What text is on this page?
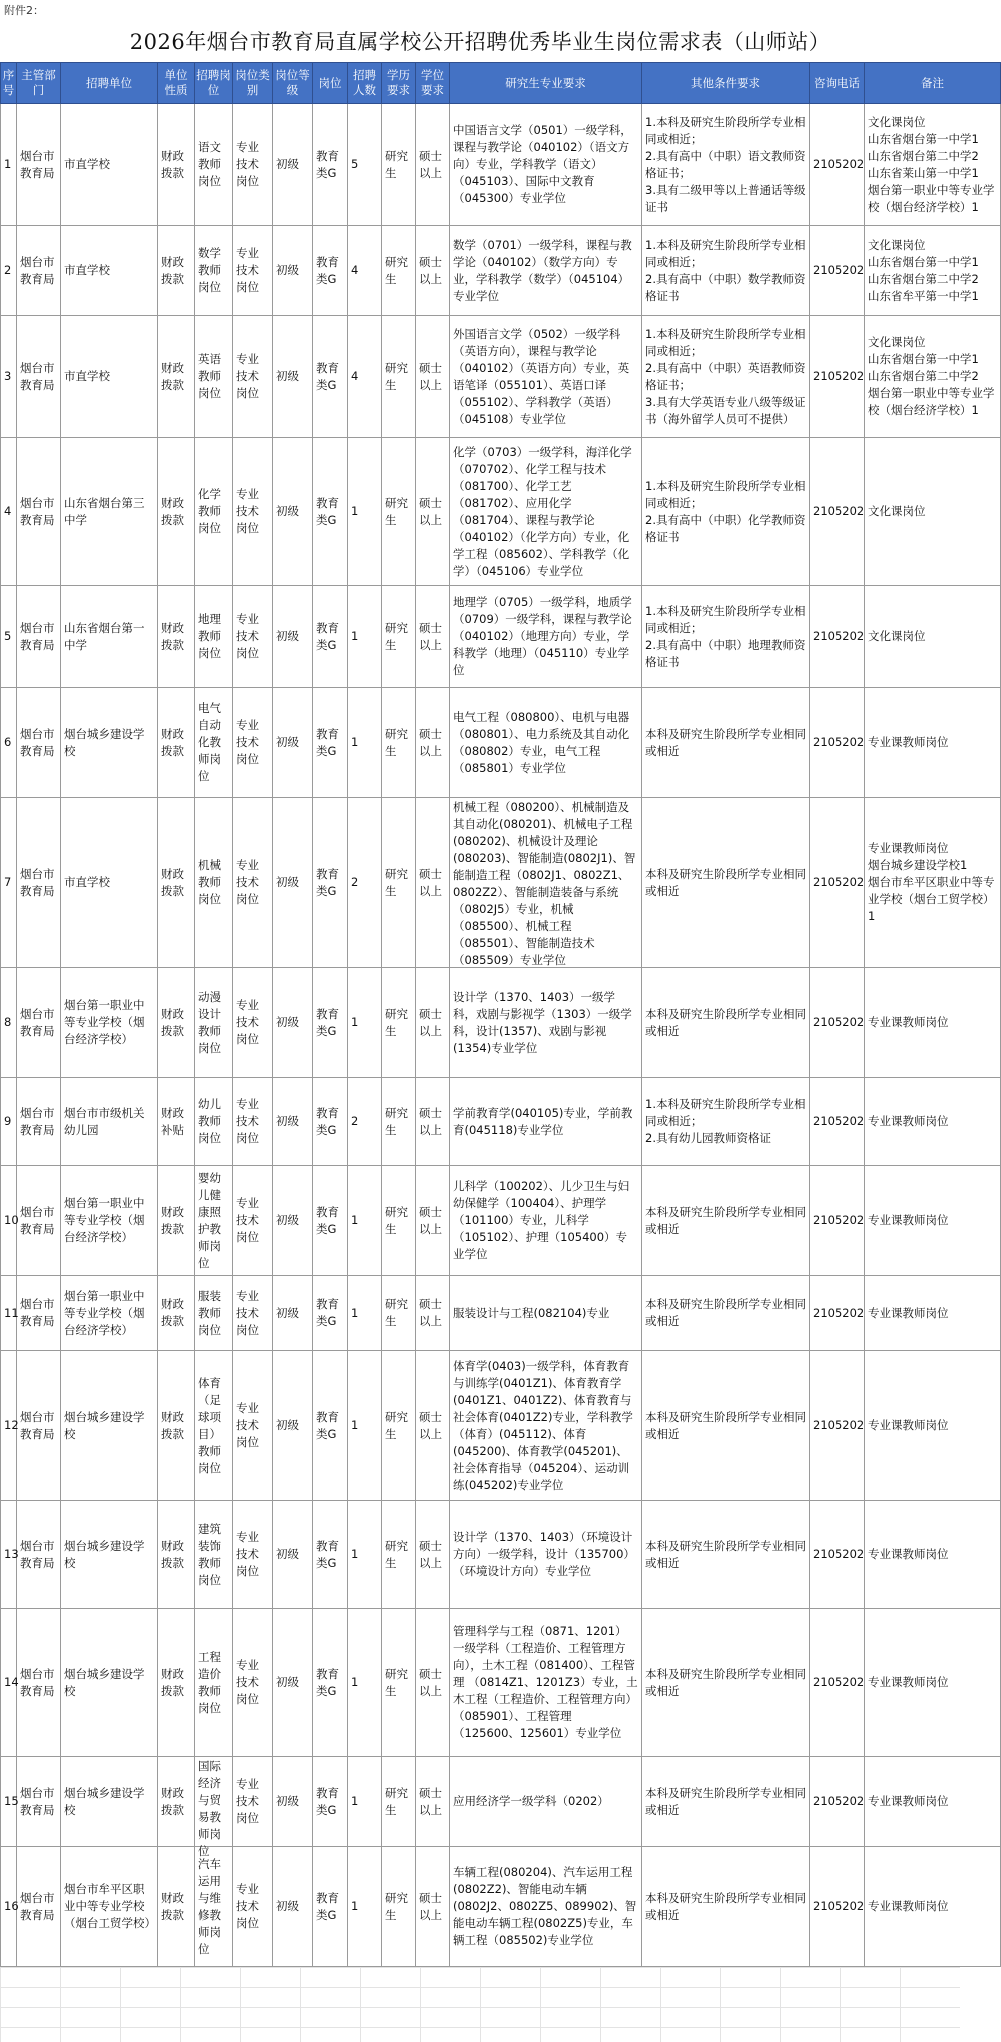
附件2：
2026年烟台市教育局直属学校公开招聘优秀毕业生岗位需求表（山师站）
序号	主管部门	招聘单位	单位性质	招聘岗位	岗位类别	岗位等级	岗位	招聘人数	学历要求	学位要求	研究生专业要求	其他条件要求	咨询电话	备注

1	烟台市教育局	市直学校	财政拨款	语文教师岗位	专业技术岗位	初级	教育类G	5	研究生	硕士以上	中国语言文学（0501）一级学科，课程与教学论（040102）（语文方向）专业，学科教学（语文）（045103）、国际中文教育（045300）专业学位	1.本科及研究生阶段所学专业相同或相近；
2.具有高中（中职）语文教师资格证书；
3.具有二级甲等以上普通话等级证书	2105202	文化课岗位
山东省烟台第一中学1
山东省烟台第二中学2
山东省莱山第一中学1
烟台第一职业中等专业学校（烟台经济学校）1

2	烟台市教育局	市直学校	财政拨款	数学教师岗位	专业技术岗位	初级	教育类G	4	研究生	硕士以上	数学（0701）一级学科，课程与教学论（040102）（数学方向）专业，学科教学（数学）（045104）专业学位	1.本科及研究生阶段所学专业相同或相近；
2.具有高中（中职）数学教师资格证书	2105202	文化课岗位
山东省烟台第一中学1
山东省烟台第二中学2
山东省牟平第一中学1

3	烟台市教育局	市直学校	财政拨款	英语教师岗位	专业技术岗位	初级	教育类G	4	研究生	硕士以上	外国语言文学（0502）一级学科（英语方向），课程与教学论（040102）（英语方向）专业，英语笔译（055101）、英语口译（055102）、学科教学（英语）（045108）专业学位	1.本科及研究生阶段所学专业相同或相近；
2.具有高中（中职）英语教师资格证书；
3.具有大学英语专业八级等级证书（海外留学人员可不提供）	2105202	文化课岗位
山东省烟台第一中学1
山东省烟台第二中学2
烟台第一职业中等专业学校（烟台经济学校）1

4	烟台市教育局	山东省烟台第三中学	财政拨款	化学教师岗位	专业技术岗位	初级	教育类G	1	研究生	硕士以上	化学（0703）一级学科，海洋化学（070702）、化学工程与技术（081700）、化学工艺（081702）、应用化学（081704）、课程与教学论（040102）（化学方向）专业，化学工程（085602）、学科教学（化学）（045106）专业学位	1.本科及研究生阶段所学专业相同或相近；
2.具有高中（中职）化学教师资格证书	2105202	文化课岗位

5	烟台市教育局	山东省烟台第一中学	财政拨款	地理教师岗位	专业技术岗位	初级	教育类G	1	研究生	硕士以上	地理学（0705）一级学科，地质学（0709）一级学科，课程与教学论（040102）（地理方向）专业，学科教学（地理）（045110）专业学位	1.本科及研究生阶段所学专业相同或相近；
2.具有高中（中职）地理教师资格证书	2105202	文化课岗位

6	烟台市教育局	烟台城乡建设学校	财政拨款	电气自动化教师岗位	专业技术岗位	初级	教育类G	1	研究生	硕士以上	电气工程（080800）、电机与电器（080801）、电力系统及其自动化（080802）专业，电气工程（085801）专业学位	本科及研究生阶段所学专业相同或相近	2105202	专业课教师岗位

7	烟台市教育局	市直学校	财政拨款	机械教师岗位	专业技术岗位	初级	教育类G	2	研究生	硕士以上	机械工程（080200）、机械制造及其自动化(080201)、机械电子工程(080202)、机械设计及理论(080203)、智能制造(0802J1)、智能制造工程（0802J1、0802Z1、0802Z2）、智能制造装备与系统（0802J5）专业，机械（085500）、机械工程（085501）、智能制造技术（085509）专业学位	本科及研究生阶段所学专业相同或相近	2105202	专业课教师岗位
烟台城乡建设学校1
烟台市牟平区职业中等专业学校（烟台工贸学校）1

8	烟台市教育局	烟台第一职业中等专业学校（烟台经济学校）	财政拨款	动漫设计教师岗位	专业技术岗位	初级	教育类G	1	研究生	硕士以上	设计学（1370、1403）一级学科，戏剧与影视学（1303）一级学科，设计(1357)、戏剧与影视(1354)专业学位	本科及研究生阶段所学专业相同或相近	2105202	专业课教师岗位

9	烟台市教育局	烟台市市级机关幼儿园	财政补贴	幼儿教师岗位	专业技术岗位	初级	教育类G	2	研究生	硕士以上	学前教育学(040105)专业，学前教育(045118)专业学位	1.本科及研究生阶段所学专业相同或相近；
2.具有幼儿园教师资格证	2105202	专业课教师岗位

10	烟台市教育局	烟台第一职业中等专业学校（烟台经济学校）	财政拨款	婴幼儿健康照护教师岗位	专业技术岗位	初级	教育类G	1	研究生	硕士以上	儿科学（100202）、儿少卫生与妇幼保健学（100404）、护理学（101100）专业，儿科学（105102）、护理（105400）专业学位	本科及研究生阶段所学专业相同或相近	2105202	专业课教师岗位

11	烟台市教育局	烟台第一职业中等专业学校（烟台经济学校）	财政拨款	服装教师岗位	专业技术岗位	初级	教育类G	1	研究生	硕士以上	服装设计与工程(082104)专业	本科及研究生阶段所学专业相同或相近	2105202	专业课教师岗位

12	烟台市教育局	烟台城乡建设学校	财政拨款	体育（足球项目）教师岗位	专业技术岗位	初级	教育类G	1	研究生	硕士以上	体育学(0403)一级学科，体育教育与训练学(0401Z1)、体育教育学(0401Z1、0401Z2)、体育教育与社会体育(0401Z2)专业，学科教学（体育）(045112)、体育(045200)、体育教学(045201)、社会体育指导（045204）、运动训练(045202)专业学位	本科及研究生阶段所学专业相同或相近	2105202	专业课教师岗位

13	烟台市教育局	烟台城乡建设学校	财政拨款	建筑装饰教师岗位	专业技术岗位	初级	教育类G	1	研究生	硕士以上	设计学（1370、1403）（环境设计方向）一级学科，设计（135700）（环境设计方向）专业学位	本科及研究生阶段所学专业相同或相近	2105202	专业课教师岗位

14	烟台市教育局	烟台城乡建设学校	财政拨款	工程造价教师岗位	专业技术岗位	初级	教育类G	1	研究生	硕士以上	管理科学与工程（0871、1201）一级学科（工程造价、工程管理方向），土木工程（081400）、工程管理 （0814Z1、1201Z3）专业，土木工程（工程造价、工程管理方向）（085901）、工程管理（125600、125601）专业学位	本科及研究生阶段所学专业相同或相近	2105202	专业课教师岗位

15	烟台市教育局	烟台城乡建设学校	财政拨款	国际经济与贸易教师岗位	专业技术岗位	初级	教育类G	1	研究生	硕士以上	应用经济学一级学科（0202）	本科及研究生阶段所学专业相同或相近	2105202	专业课教师岗位

16	烟台市教育局	烟台市牟平区职业中等专业学校（烟台工贸学校）	财政拨款	汽车运用与维修教师岗位	专业技术岗位	初级	教育类G	1	研究生	硕士以上	车辆工程(080204)、汽车运用工程(0802Z2)、智能电动车辆(0802J2、0802Z5、089902)、智能电动车辆工程(0802Z5)专业，车辆工程（085502)专业学位	本科及研究生阶段所学专业相同或相近	2105202	专业课教师岗位
